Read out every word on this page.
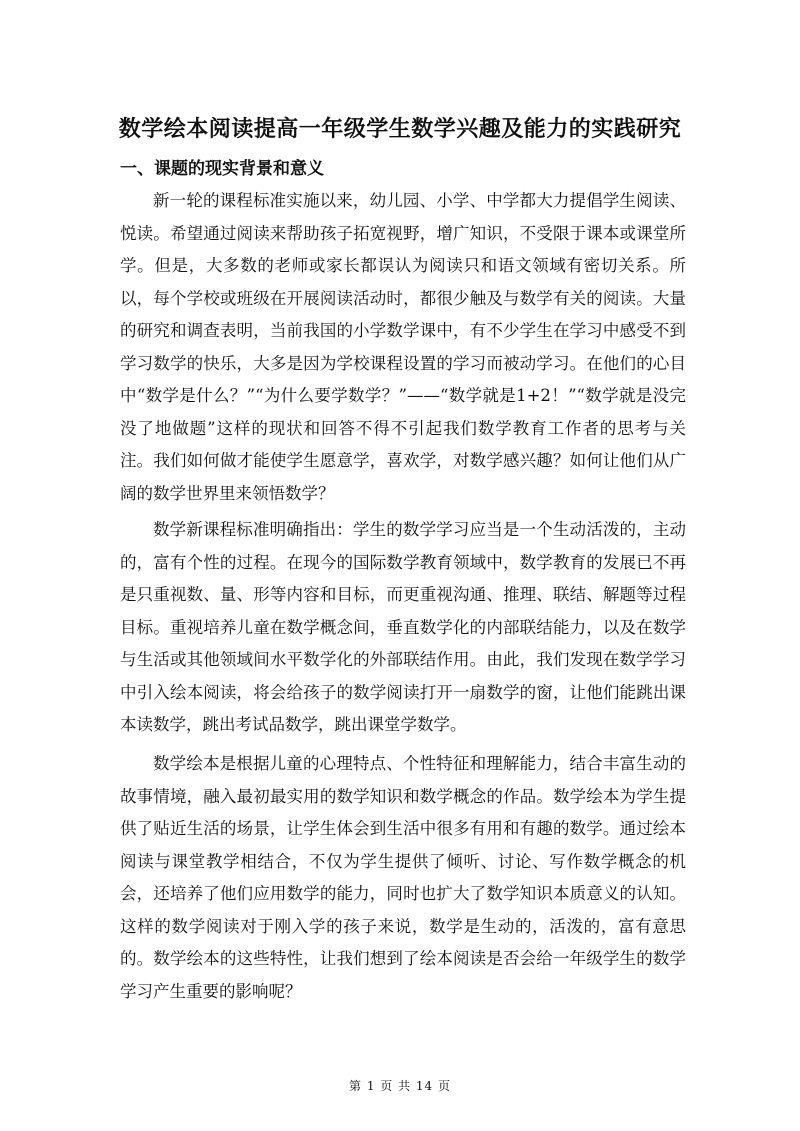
数学绘本阅读提高一年级学生数学兴趣及能力的实践研究
一、课题的现实背景和意义

新一轮的课程标准实施以来，幼儿园、小学、中学都大力提倡学生阅读、悦读。希望通过阅读来帮助孩子拓宽视野，增广知识，不受限于课本或课堂所学。但是，大多数的老师或家长都误认为阅读只和语文领域有密切关系。所以，每个学校或班级在开展阅读活动时，都很少触及与数学有关的阅读。大量的研究和调查表明，当前我国的小学数学课中，有不少学生在学习中感受不到学习数学的快乐，大多是因为学校课程设置的学习而被动学习。在他们的心目中“数学是什么？”“为什么要学数学？”——“数学就是1+2！”“数学就是没完没了地做题”这样的现状和回答不得不引起我们数学教育工作者的思考与关注。我们如何做才能使学生愿意学，喜欢学，对数学感兴趣？如何让他们从广阔的数学世界里来领悟数学？

数学新课程标准明确指出：学生的数学学习应当是一个生动活泼的，主动的，富有个性的过程。在现今的国际数学教育领域中，数学教育的发展已不再是只重视数、量、形等内容和目标，而更重视沟通、推理、联结、解题等过程目标。重视培养儿童在数学概念间，垂直数学化的内部联结能力，以及在数学与生活或其他领域间水平数学化的外部联结作用。由此，我们发现在数学学习中引入绘本阅读，将会给孩子的数学阅读打开一扇数学的窗，让他们能跳出课本读数学，跳出考试品数学，跳出课堂学数学。

数学绘本是根据儿童的心理特点、个性特征和理解能力，结合丰富生动的故事情境，融入最初最实用的数学知识和数学概念的作品。数学绘本为学生提供了贴近生活的场景，让学生体会到生活中很多有用和有趣的数学。通过绘本阅读与课堂教学相结合，不仅为学生提供了倾听、讨论、写作数学概念的机会，还培养了他们应用数学的能力，同时也扩大了数学知识本质意义的认知。这样的数学阅读对于刚入学的孩子来说，数学是生动的，活泼的，富有意思的。数学绘本的这些特性，让我们想到了绘本阅读是否会给一年级学生的数学学习产生重要的影响呢？

第 1 页 共 14 页
